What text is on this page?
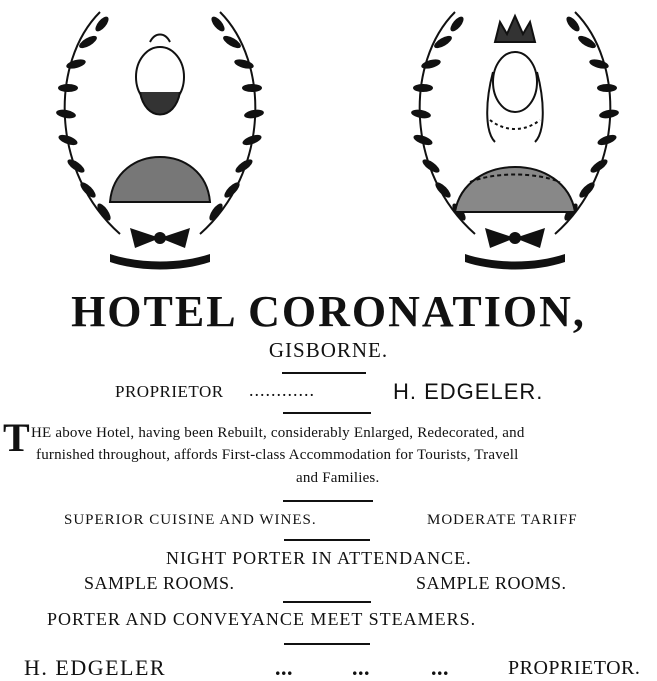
HOTEL CORONATION,
GISBORNE.
PROPRIETOR ............	H. EDGELER.
T HE above Hotel, having been Rebuilt, considerably Enlarged, Redecorated, and
furnished throughout, affords First-class Accommodation for Tourists, Travell
and Families.
SUPERIOR CUISINE AND WINES.	MODERATE TARIFF
NIGHT PORTER IN ATTENDANCE.
SAMPLE ROOMS.	SAMPLE ROOMS.
PORTER AND CONVEYANCE MEET STEAMERS.
H. EDGELER	...	...	...	PROPRIETOR.
